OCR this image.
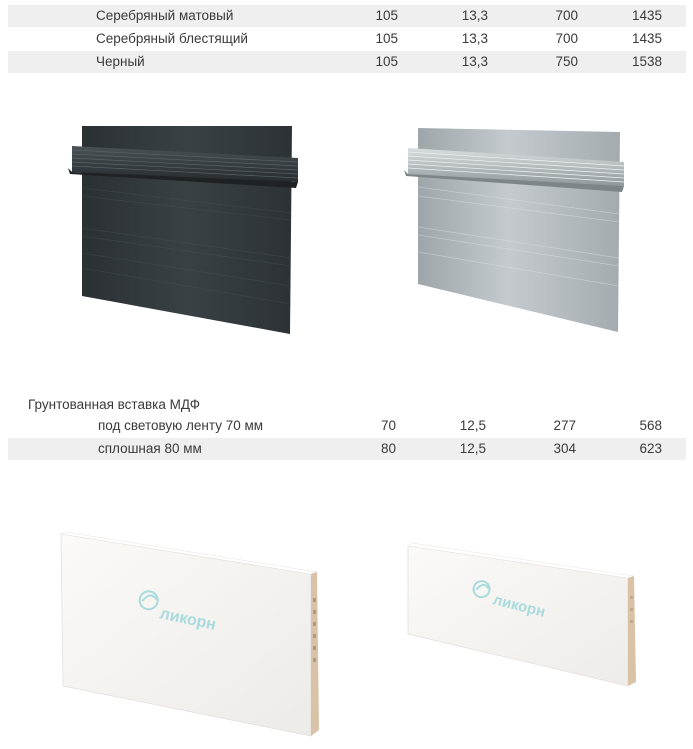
Серебряный матовый	105	13,3	700	1435
Серебряный блестящий	105	13,3	700	1435
Черный	105	13,3	750	1538
Грунтованная вставка МДФ
под световую ленту 70 мм	70	12,5	277	568
сплошная 80 мм	80	12,5	304	623
ликорн	ликорн
